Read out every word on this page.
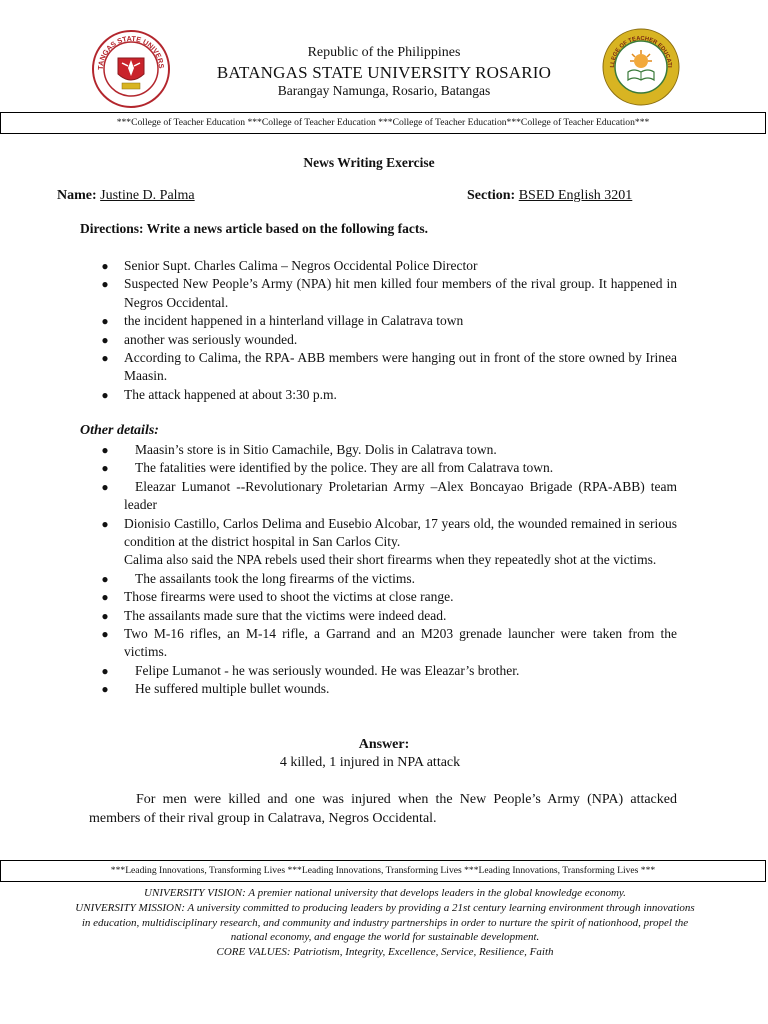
TANGAS STATE UNIVERS	LLEGE OF TEACHER EDUCATI
Republic of the Philippines
BATANGAS STATE UNIVERSITY ROSARIO
Barangay Namunga, Rosario, Batangas
***College of Teacher Education ***College of Teacher Education ***College of Teacher Education***College of Teacher Education***
News Writing Exercise
Name: Justine D. Palma	Section: BSED English 3201
Directions: Write a news article based on the following facts.
● Senior Supt. Charles Calima – Negros Occidental Police Director
● Suspected New People’s Army (NPA) hit men killed four members of the rival group. It happened in Negros Occidental.
● the incident happened in a hinterland village in Calatrava town
● another was seriously wounded.
● According to Calima, the RPA- ABB members were hanging out in front of the store owned by Irinea Maasin.
● The attack happened at about 3:30 p.m.
Other details:
● Maasin’s store is in Sitio Camachile, Bgy. Dolis in Calatrava town.
● The fatalities were identified by the police. They are all from Calatrava town.
● Eleazar Lumanot --Revolutionary Proletarian Army –Alex Boncayao Brigade (RPA-ABB) team leader
● Dionisio Castillo, Carlos Delima and Eusebio Alcobar, 17 years old, the wounded remained in serious condition at the district hospital in San Carlos City.
Calima also said the NPA rebels used their short firearms when they repeatedly shot at the victims.
● The assailants took the long firearms of the victims.
● Those firearms were used to shoot the victims at close range.
● The assailants made sure that the victims were indeed dead.
● Two M-16 rifles, an M-14 rifle, a Garrand and an M203 grenade launcher were taken from the victims.
● Felipe Lumanot - he was seriously wounded. He was Eleazar’s brother.
● He suffered multiple bullet wounds.
Answer:
4 killed, 1 injured in NPA attack
For men were killed and one was injured when the New People’s Army (NPA) attacked members of their rival group in Calatrava, Negros Occidental.
***Leading Innovations, Transforming Lives ***Leading Innovations, Transforming Lives ***Leading Innovations, Transforming Lives ***
UNIVERSITY VISION: A premier national university that develops leaders in the global knowledge economy.
UNIVERSITY MISSION: A university committed to producing leaders by providing a 21st century learning environment through innovations in education, multidisciplinary research, and community and industry partnerships in order to nurture the spirit of nationhood, propel the national economy, and engage the world for sustainable development.
CORE VALUES: Patriotism, Integrity, Excellence, Service, Resilience, Faith
